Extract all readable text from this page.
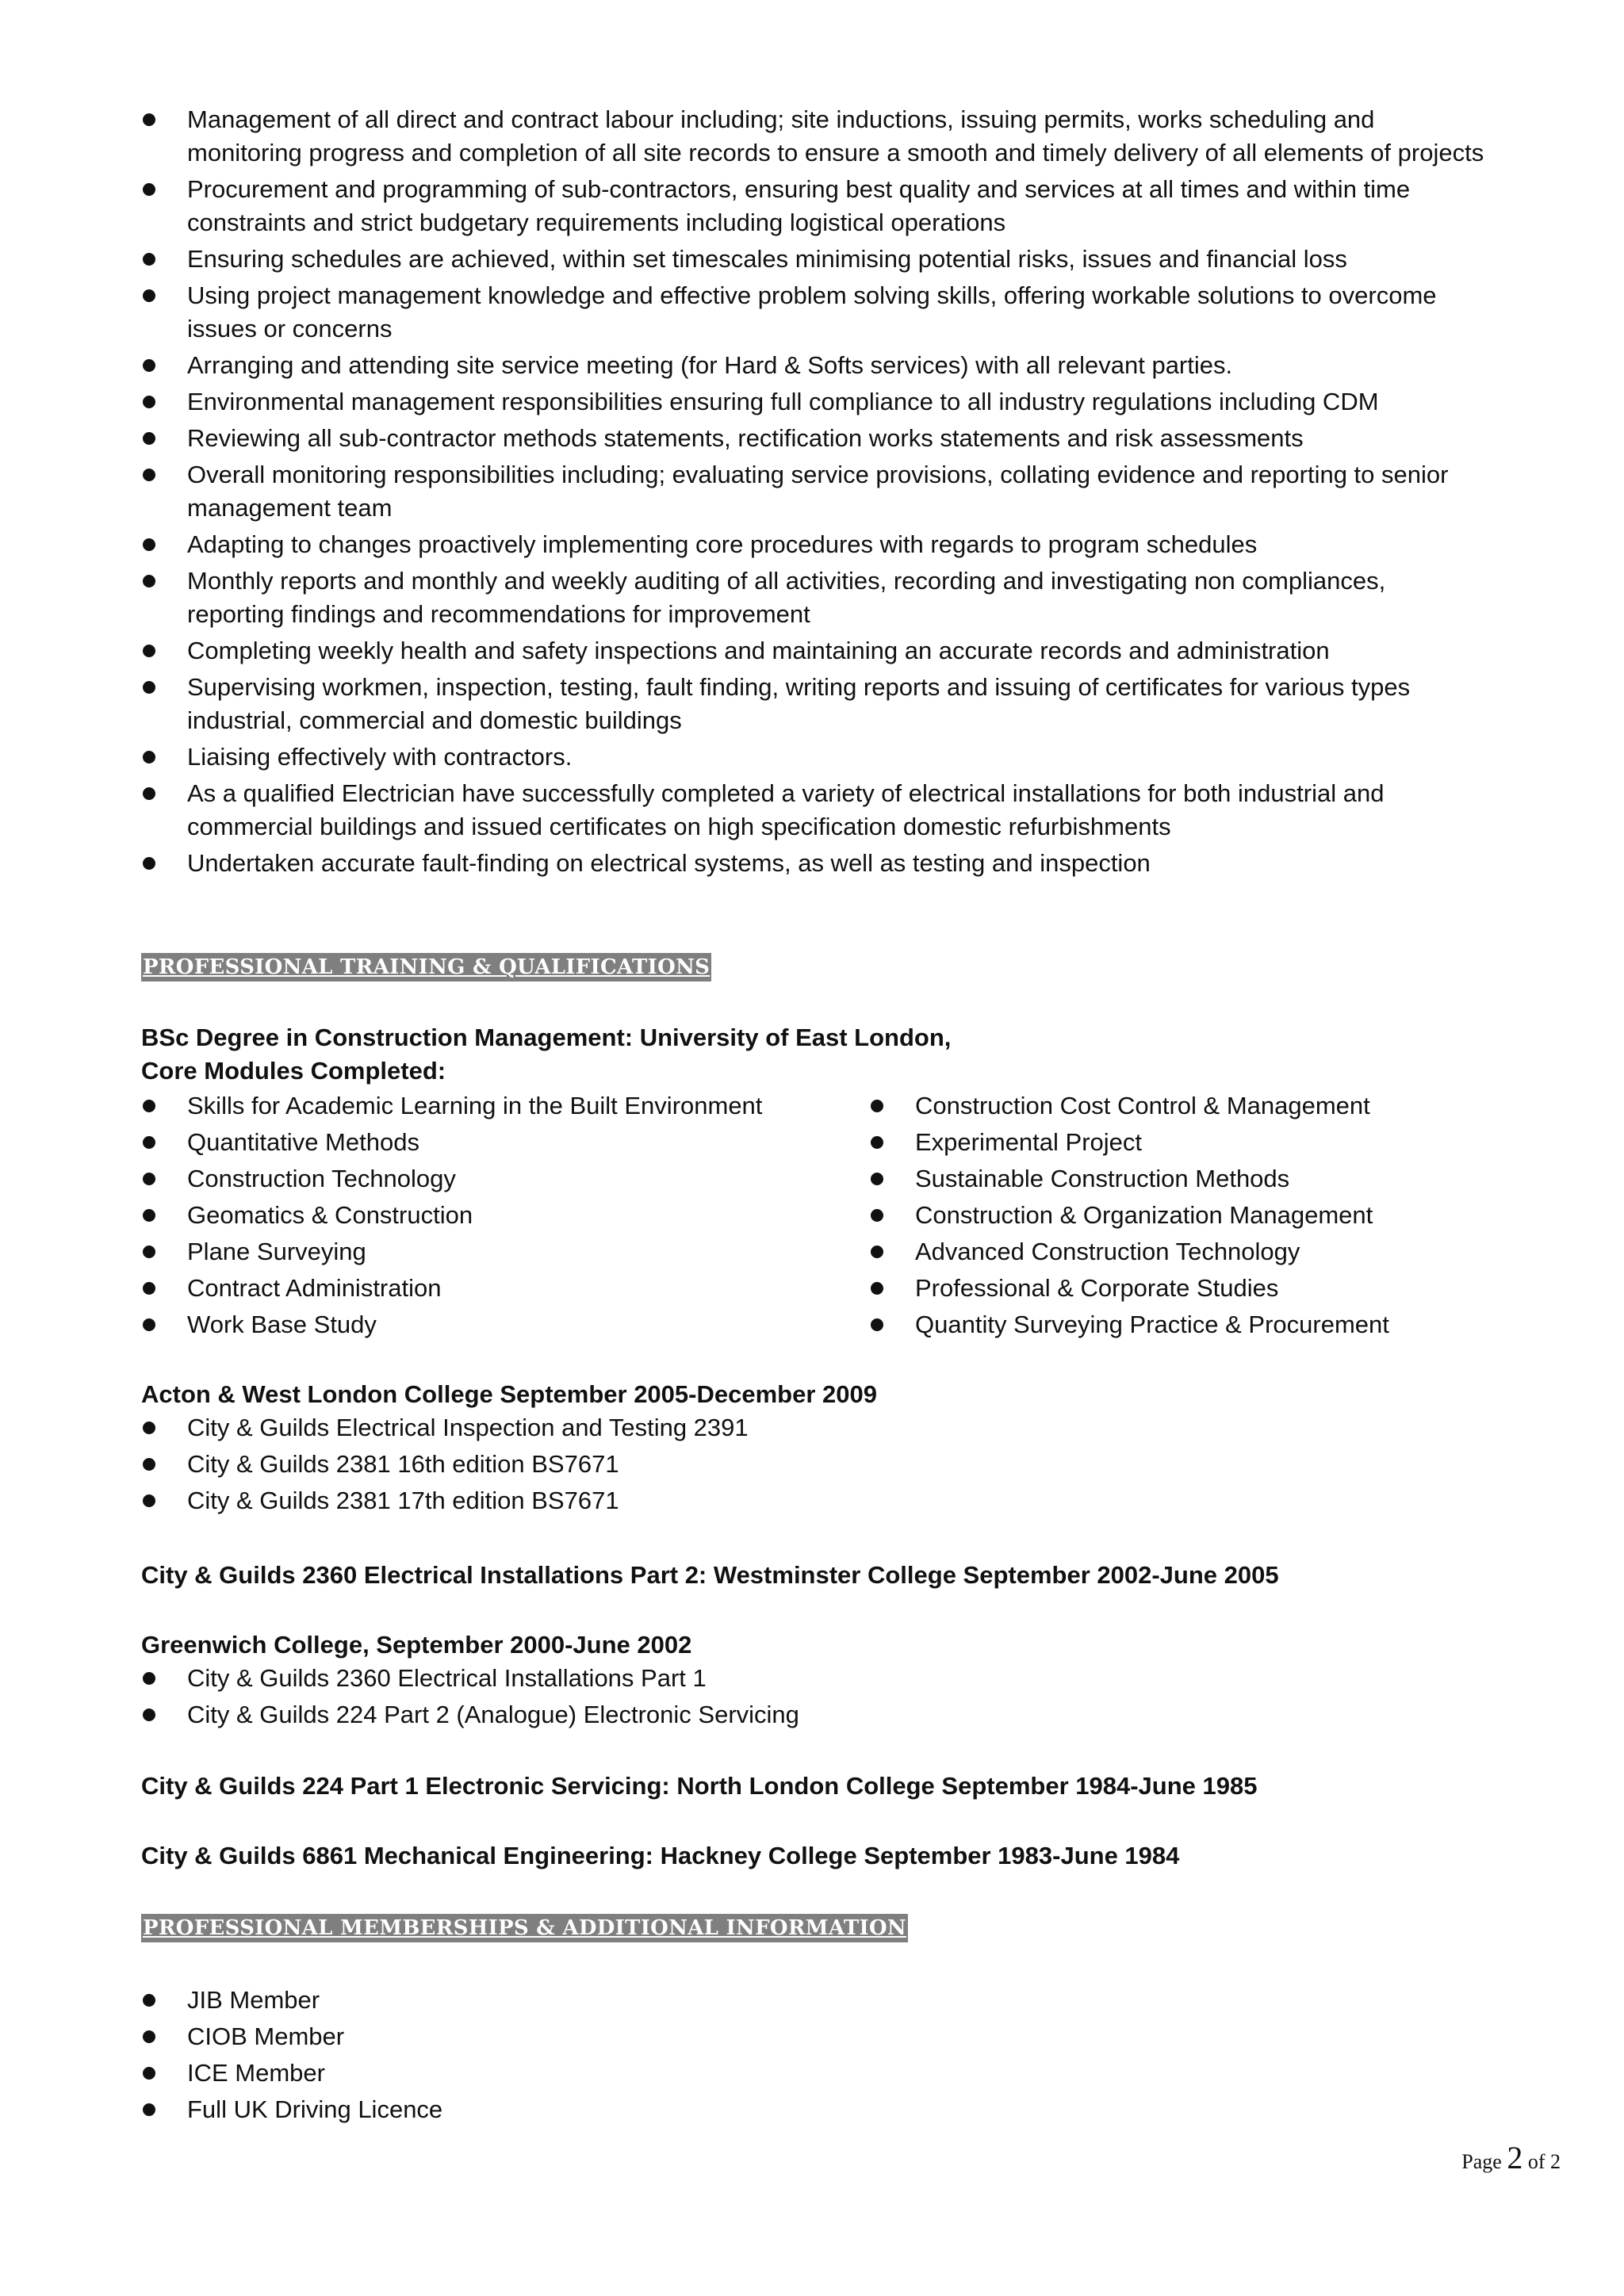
Management of all direct and contract labour including; site inductions, issuing permits, works scheduling and monitoring progress and completion of all site records to ensure a smooth and timely delivery of all elements of projects
Procurement and programming of sub-contractors, ensuring best quality and services at all times and within time constraints and strict budgetary requirements including logistical operations
Ensuring schedules are achieved, within set timescales minimising potential risks, issues and financial loss
Using project management knowledge and effective problem solving skills, offering workable solutions to overcome issues or concerns
Arranging and attending site service meeting (for Hard & Softs services) with all relevant parties.
Environmental management responsibilities ensuring full compliance to all industry regulations including CDM
Reviewing all sub-contractor methods statements, rectification works statements and risk assessments
Overall monitoring responsibilities including; evaluating service provisions, collating evidence and reporting to senior management team
Adapting to changes proactively implementing core procedures with regards to program schedules
Monthly reports and monthly and weekly auditing of all activities, recording and investigating non compliances, reporting findings and recommendations for improvement
Completing weekly health and safety inspections and maintaining an accurate records and administration
Supervising workmen, inspection, testing, fault finding, writing reports and issuing of certificates for various types industrial, commercial and domestic buildings
Liaising effectively with contractors.
As a qualified Electrician have successfully completed a variety of electrical installations for both industrial and commercial buildings and issued certificates on high specification domestic refurbishments
Undertaken accurate fault-finding on electrical systems, as well as testing and inspection
PROFESSIONAL TRAINING & QUALIFICATIONS
BSc Degree in Construction Management: University of East London,
Core Modules Completed:
Skills for Academic Learning in the Built Environment
Quantitative Methods
Construction Technology
Geomatics & Construction
Plane Surveying
Contract Administration
Work Base Study
Construction Cost Control & Management
Experimental Project
Sustainable Construction Methods
Construction & Organization Management
Advanced Construction Technology
Professional & Corporate Studies
Quantity Surveying Practice & Procurement
Acton & West London College September 2005-December 2009
City & Guilds Electrical Inspection and Testing 2391
City & Guilds 2381 16th edition BS7671
City & Guilds 2381 17th edition BS7671
City & Guilds 2360 Electrical Installations Part 2: Westminster College September 2002-June 2005
Greenwich College, September 2000-June 2002
City & Guilds 2360 Electrical Installations Part 1
City & Guilds 224 Part 2 (Analogue) Electronic Servicing
City & Guilds 224 Part 1 Electronic Servicing: North London College September 1984-June 1985
City & Guilds 6861 Mechanical Engineering: Hackney College September 1983-June 1984
PROFESSIONAL MEMBERSHIPS & ADDITIONAL INFORMATION
JIB Member
CIOB Member
ICE Member
Full UK Driving Licence
Page 2 of 2
